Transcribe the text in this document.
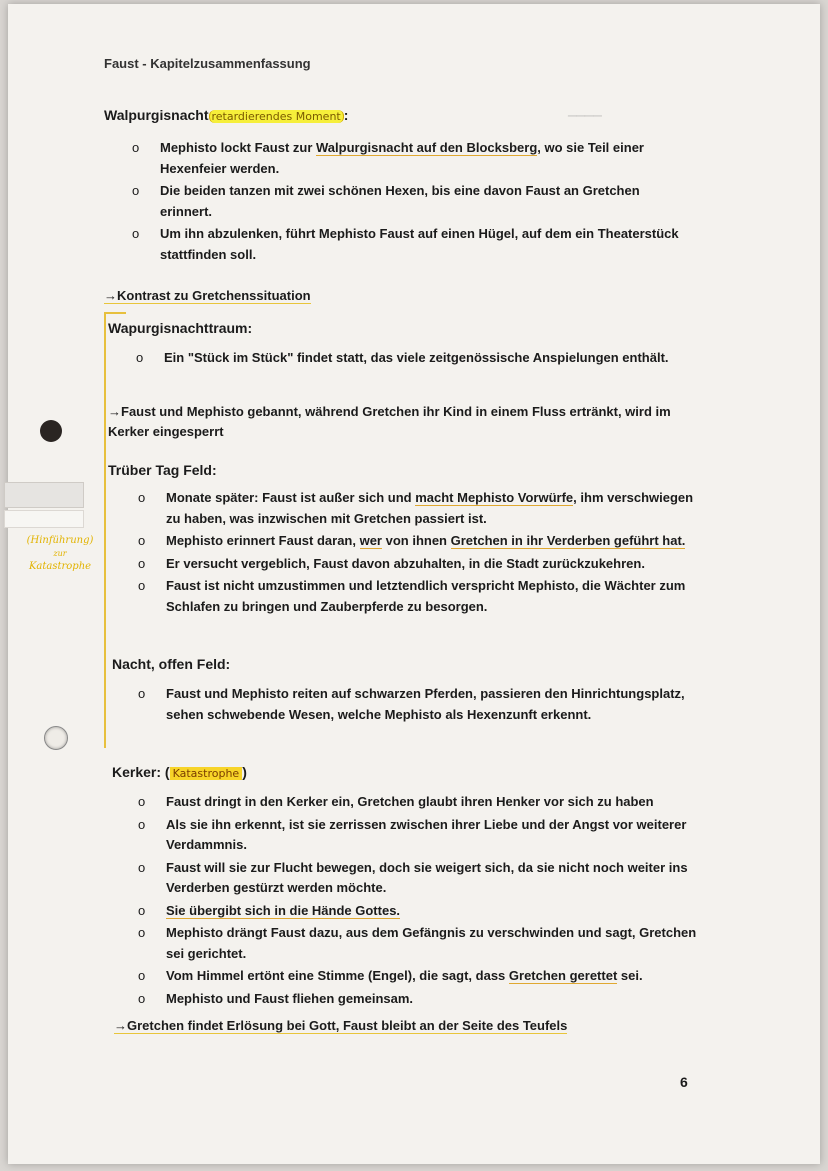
▁▁▁▁
Faust - Kapitelzusammenfassung
Walpurgisnacht retardierendes Moment :
o Mephisto lockt Faust zur Walpurgisnacht auf den Blocksberg, wo sie Teil einer Hexenfeier werden.
o Die beiden tanzen mit zwei schönen Hexen, bis eine davon Faust an Gretchen erinnert.
o Um ihn abzulenken, führt Mephisto Faust auf einen Hügel, auf dem ein Theaterstück stattfinden soll.
→Kontrast zu Gretchenssituation
Wapurgisnachttraum:
o Ein "Stück im Stück" findet statt, das viele zeitgenössische Anspielungen enthält.
→Faust und Mephisto gebannt, während Gretchen ihr Kind in einem Fluss ertränkt, wird im Kerker eingesperrt
Trüber Tag Feld:
o Monate später: Faust ist außer sich und macht Mephisto Vorwürfe, ihm verschwiegen zu haben, was inzwischen mit Gretchen passiert ist.
o Mephisto erinnert Faust daran, wer von ihnen Gretchen in ihr Verderben geführt hat.
o Er versucht vergeblich, Faust davon abzuhalten, in die Stadt zurückzukehren.
o Faust ist nicht umzustimmen und letztendlich verspricht Mephisto, die Wächter zum Schlafen zu bringen und Zauberpferde zu besorgen.
Nacht, offen Feld:
o Faust und Mephisto reiten auf schwarzen Pferden, passieren den Hinrichtungsplatz, sehen schwebende Wesen, welche Mephisto als Hexenzunft erkennt.
Kerker: ( Katastrophe )
o Faust dringt in den Kerker ein, Gretchen glaubt ihren Henker vor sich zu haben
o Als sie ihn erkennt, ist sie zerrissen zwischen ihrer Liebe und der Angst vor weiterer Verdammnis.
o Faust will sie zur Flucht bewegen, doch sie weigert sich, da sie nicht noch weiter ins Verderben gestürzt werden möchte.
o Sie übergibt sich in die Hände Gottes.
o Mephisto drängt Faust dazu, aus dem Gefängnis zu verschwinden und sagt, Gretchen sei gerichtet.
o Vom Himmel ertönt eine Stimme (Engel), die sagt, dass Gretchen gerettet sei.
o Mephisto und Faust fliehen gemeinsam.
→Gretchen findet Erlösung bei Gott, Faust bleibt an der Seite des Teufels
6
(Hinführung)
zur
Katastrophe
